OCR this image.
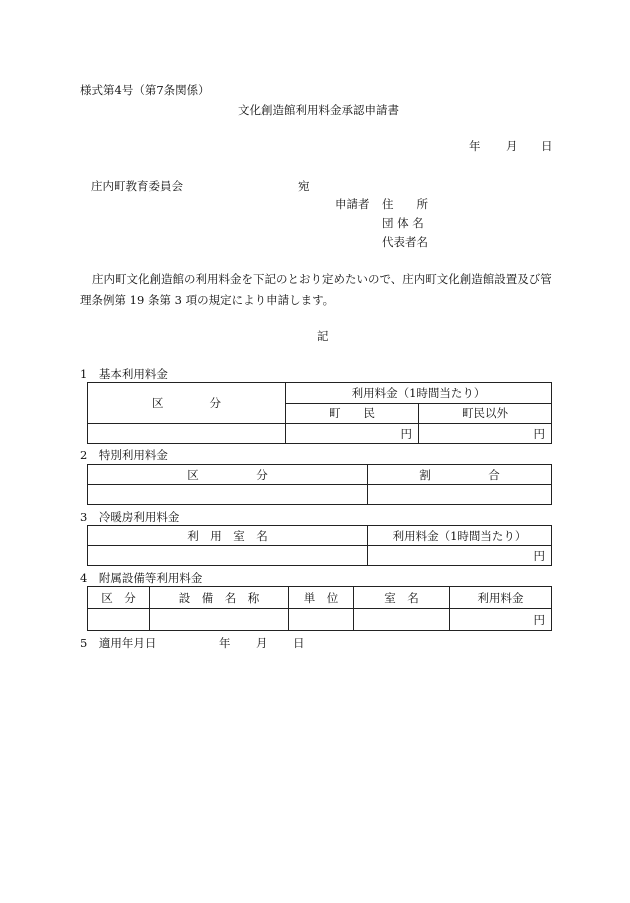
様式第4号（第7条関係）
文化創造館利用料金承認申請書
年 月 日
庄内町教育委員会	宛
申請者 住　　所
団 体 名
代表者名
庄内町文化創造館の利用料金を下記のとおり定めたいので、庄内町文化創造館設置及び管理条例第 19 条第 3 項の規定により申請します。
記
1　基本利用料金
区　　　　分	利用料金（1時間当たり）	
	町　　民	町民以外
	円	円
2　特別利用料金
区　　　　　分	割　　　　　合

3　冷暖房利用料金
利　用　室　名	利用料金（1時間当たり）
	円
4　附属設備等利用料金
区　分	設　備　名　称	単　位	室　名	利用料金
				円
5　適用年月日	年 月 日
